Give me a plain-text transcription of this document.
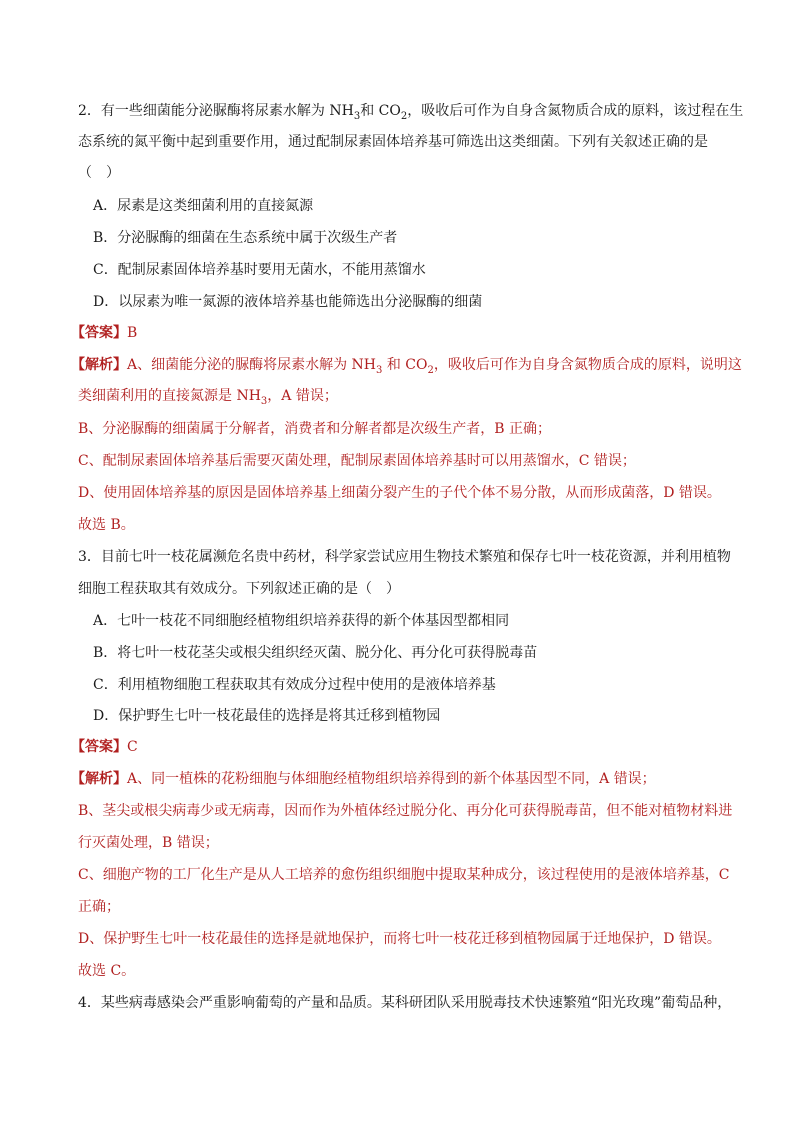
2．有一些细菌能分泌脲酶将尿素水解为 $NH_3$和 $CO_2$，吸收后可作为自身含氮物质合成的原料，该过程在生
态系统的氮平衡中起到重要作用，通过配制尿素固体培养基可筛选出这类细菌。下列有关叙述正确的是
（　）
A．尿素是这类细菌利用的直接氮源
B．分泌脲酶的细菌在生态系统中属于次级生产者
C．配制尿素固体培养基时要用无菌水，不能用蒸馏水
D．以尿素为唯一氮源的液体培养基也能筛选出分泌脲酶的细菌
【答案】B
【解析】A、细菌能分泌的脲酶将尿素水解为 $NH_3$ 和 $CO_2$，吸收后可作为自身含氮物质合成的原料，说明这
类细菌利用的直接氮源是 $NH_3$，A 错误；
B、分泌脲酶的细菌属于分解者，消费者和分解者都是次级生产者，B 正确；
C、配制尿素固体培养基后需要灭菌处理，配制尿素固体培养基时可以用蒸馏水，C 错误；
D、使用固体培养基的原因是固体培养基上细菌分裂产生的子代个体不易分散，从而形成菌落，D 错误。
故选 B。
3．目前七叶一枝花属濒危名贵中药材，科学家尝试应用生物技术繁殖和保存七叶一枝花资源，并利用植物
细胞工程获取其有效成分。下列叙述正确的是（　）
A．七叶一枝花不同细胞经植物组织培养获得的新个体基因型都相同
B．将七叶一枝花茎尖或根尖组织经灭菌、脱分化、再分化可获得脱毒苗
C．利用植物细胞工程获取其有效成分过程中使用的是液体培养基
D．保护野生七叶一枝花最佳的选择是将其迁移到植物园
【答案】C
【解析】A、同一植株的花粉细胞与体细胞经植物组织培养得到的新个体基因型不同，A 错误；
B、茎尖或根尖病毒少或无病毒，因而作为外植体经过脱分化、再分化可获得脱毒苗，但不能对植物材料进
行灭菌处理，B 错误；
C、细胞产物的工厂化生产是从人工培养的愈伤组织细胞中提取某种成分，该过程使用的是液体培养基，C
正确；
D、保护野生七叶一枝花最佳的选择是就地保护，而将七叶一枝花迁移到植物园属于迁地保护，D 错误。
故选 C。
4．某些病毒感染会严重影响葡萄的产量和品质。某科研团队采用脱毒技术快速繁殖“阳光玫瑰”葡萄品种，
